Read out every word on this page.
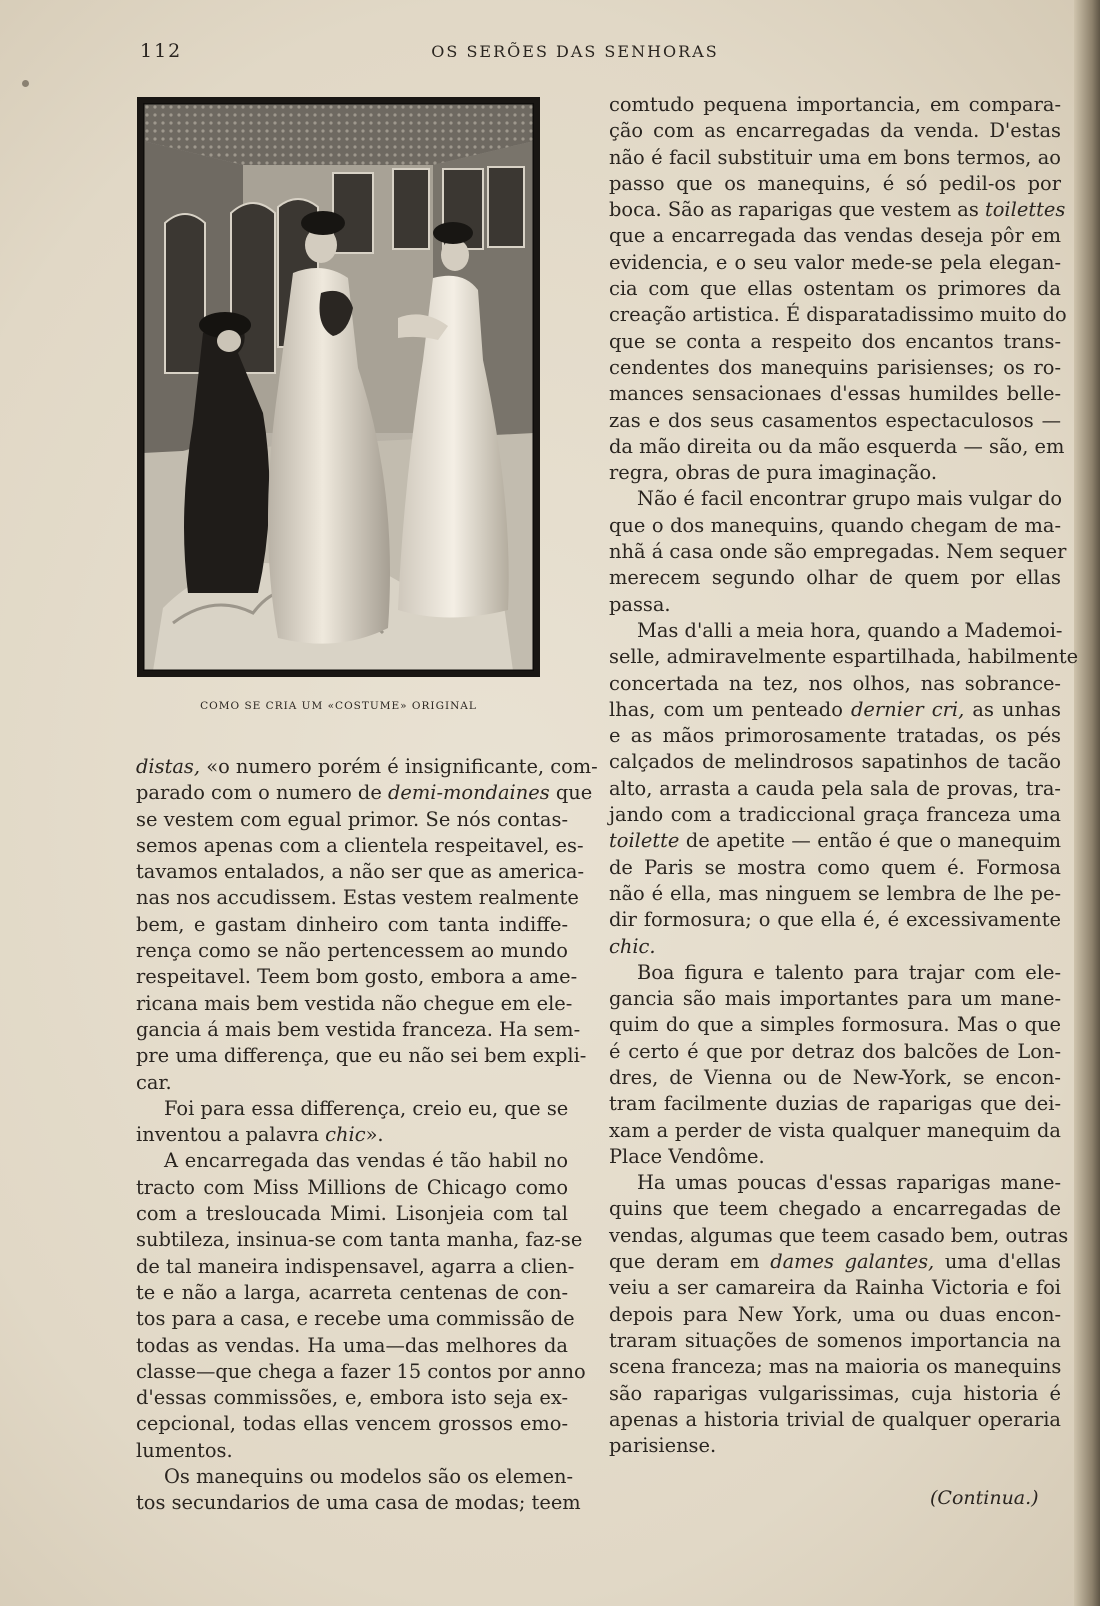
112	OS SERÕES DAS SENHORAS
COMO SE CRIA UM «COSTUME» ORIGINAL
distas, «o numero porém é insignificante, com-
parado com o numero de demi-mondaines que
se vestem com egual primor. Se nós contas-
semos apenas com a clientela respeitavel, es-
tavamos entalados, a não ser que as america-
nas nos accudissem. Estas vestem realmente
bem, e gastam dinheiro com tanta indiffe-
rença como se não pertencessem ao mundo
respeitavel. Teem bom gosto, embora a ame-
ricana mais bem vestida não chegue em ele-
gancia á mais bem vestida franceza. Ha sem-
pre uma differença, que eu não sei bem expli-
car.
Foi para essa differença, creio eu, que se
inventou a palavra chic».
A encarregada das vendas é tão habil no
tracto com Miss Millions de Chicago como
com a tresloucada Mimi. Lisonjeia com tal
subtileza, insinua-se com tanta manha, faz-se
de tal maneira indispensavel, agarra a clien-
te e não a larga, acarreta centenas de con-
tos para a casa, e recebe uma commissão de
todas as vendas. Ha uma—das melhores da
classe—que chega a fazer 15 contos por anno
d'essas commissões, e, embora isto seja ex-
cepcional, todas ellas vencem grossos emo-
lumentos.
Os manequins ou modelos são os elemen-
tos secundarios de uma casa de modas; teem
comtudo pequena importancia, em compara-
ção com as encarregadas da venda. D'estas
não é facil substituir uma em bons termos, ao
passo que os manequins, é só pedil-os por
boca. São as raparigas que vestem as toilettes
que a encarregada das vendas deseja pôr em
evidencia, e o seu valor mede-se pela elegan-
cia com que ellas ostentam os primores da
creação artistica. É disparatadissimo muito do
que se conta a respeito dos encantos trans-
cendentes dos manequins parisienses; os ro-
mances sensacionaes d'essas humildes belle-
zas e dos seus casamentos espectaculosos —
da mão direita ou da mão esquerda — são, em
regra, obras de pura imaginação.
Não é facil encontrar grupo mais vulgar do
que o dos manequins, quando chegam de ma-
nhã á casa onde são empregadas. Nem sequer
merecem segundo olhar de quem por ellas
passa.
Mas d'alli a meia hora, quando a Mademoi-
selle, admiravelmente espartilhada, habilmente
concertada na tez, nos olhos, nas sobrance-
lhas, com um penteado dernier cri, as unhas
e as mãos primorosamente tratadas, os pés
calçados de melindrosos sapatinhos de tacão
alto, arrasta a cauda pela sala de provas, tra-
jando com a tradiccional graça franceza uma
toilette de apetite — então é que o manequim
de Paris se mostra como quem é. Formosa
não é ella, mas ninguem se lembra de lhe pe-
dir formosura; o que ella é, é excessivamente
chic.
Boa figura e talento para trajar com ele-
gancia são mais importantes para um mane-
quim do que a simples formosura. Mas o que
é certo é que por detraz dos balcões de Lon-
dres, de Vienna ou de New-York, se encon-
tram facilmente duzias de raparigas que dei-
xam a perder de vista qualquer manequim da
Place Vendôme.
Ha umas poucas d'essas raparigas mane-
quins que teem chegado a encarregadas de
vendas, algumas que teem casado bem, outras
que deram em dames galantes, uma d'ellas
veiu a ser camareira da Rainha Victoria e foi
depois para New York, uma ou duas encon-
traram situações de somenos importancia na
scena franceza; mas na maioria os manequins
são raparigas vulgarissimas, cuja historia é
apenas a historia trivial de qualquer operaria
parisiense.
(Continua.)
